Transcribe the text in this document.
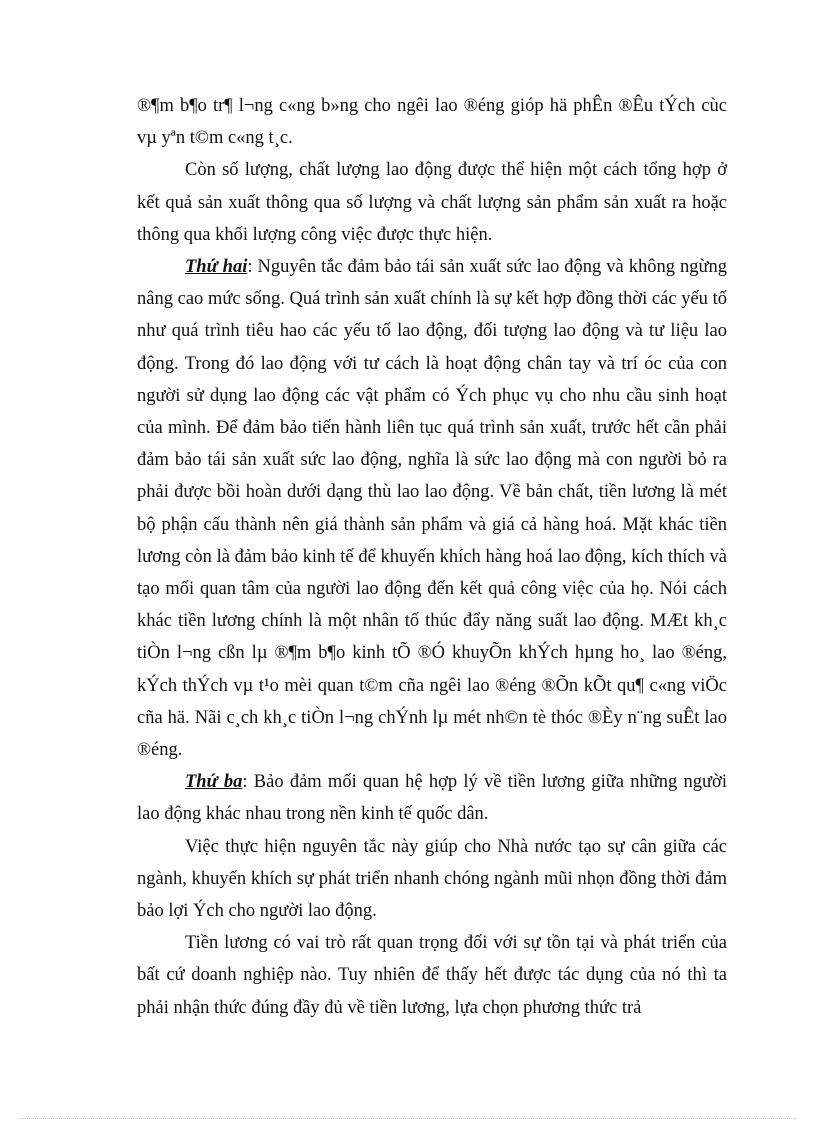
®¶m b¶o tr¶ l¬ng c«ng b»ng cho ngêi lao ®éng gióp hä phÊn ®Êu tÝch cùc vµ yªn t©m c«ng t¸c.

Còn số lượng, chất lượng lao động được thể hiện một cách tổng hợp ở kết quả sản xuất thông qua số lượng và chất lượng sản phẩm sản xuất ra hoặc thông qua khối lượng công việc được thực hiện.

Thứ hai: Nguyên tắc đảm bảo tái sản xuất sức lao động và không ngừng nâng cao mức sống. Quá trình sản xuất chính là sự kết hợp đồng thời các yếu tố như quá trình tiêu hao các yếu tố lao động, đối tượng lao động và tư liệu lao động. Trong đó lao động với tư cách là hoạt động chân tay và trí óc của con người sử dụng lao động các vật phẩm có Ých phục vụ cho nhu cầu sinh hoạt của mình. Để đảm bảo tiến hành liên tục quá trình sản xuất, trước hết cần phải đảm bảo tái sản xuất sức lao động, nghĩa là sức lao động mà con người bỏ ra phải được bồi hoàn dưới dạng thù lao lao động. Về bản chất, tiền lương là mét bộ phận cấu thành nên giá thành sản phẩm và giá cả hàng hoá. Mặt khác tiền lương còn là đảm bảo kinh tế để khuyến khích hàng hoá lao động, kích thích và tạo mối quan tâm của người lao động đến kết quả công việc của họ. Nói cách khác tiền lương chính là một nhân tố thúc đẩy năng suất lao động. MÆt kh¸c tiÒn l¬ng cßn lµ ®¶m b¶o kinh tÕ ®Ó khuyÕn khÝch hµng ho¸ lao ®éng, kÝch thÝch vµ t¹o mèi quan t©m cña ngêi lao ®éng ®Õn kÕt qu¶ c«ng viÖc cña hä. Nãi c¸ch kh¸c tiÒn l¬ng chÝnh lµ mét nh©n tè thóc ®Èy n¨ng suÊt lao ®éng.

Thứ ba: Bảo đảm mối quan hệ hợp lý về tiền lương giữa những người lao động khác nhau trong nền kinh tế quốc dân.

Việc thực hiện nguyên tắc này giúp cho Nhà nước tạo sự cân giữa các ngành, khuyến khích sự phát triển nhanh chóng ngành mũi nhọn đồng thời đảm bảo lợi Ých cho người lao động.

Tiền lương có vai trò rất quan trọng đối với sự tồn tại và phát triển của bất cứ doanh nghiệp nào. Tuy nhiên để thấy hết được tác dụng của nó thì ta phải nhận thức đúng đầy đủ về tiền lương, lựa chọn phương thức trả
